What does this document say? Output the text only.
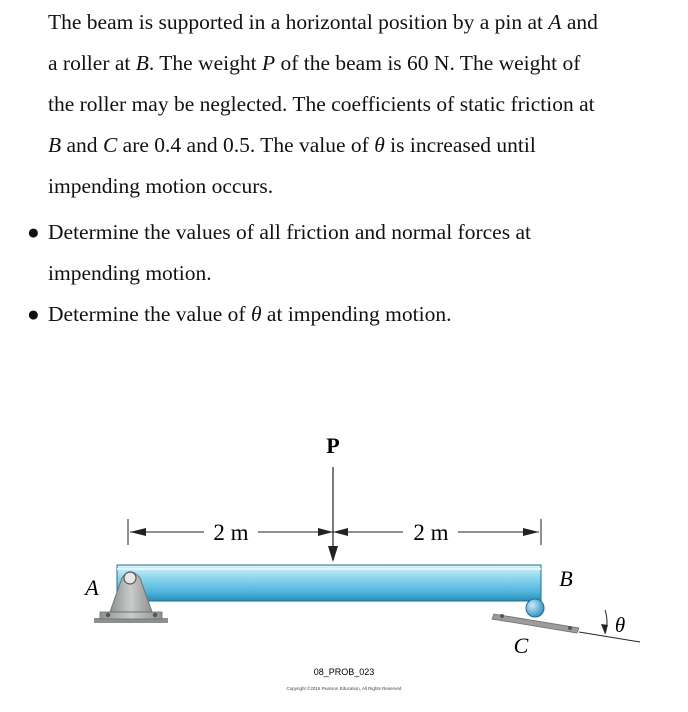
The beam is supported in a horizontal position by a pin at A and

a roller at B. The weight P of the beam is 60 N. The weight of

the roller may be neglected. The coefficients of static friction at

B and C are 0.4 and 0.5. The value of θ is increased until

impending motion occurs.

● Determine the values of all friction and normal forces at
impending motion.
● Determine the value of θ at impending motion.
2 m	2 m
P
A	B
C
θ
08_PROB_023
Copyright ©2016 Pearson Education, All Rights Reserved
